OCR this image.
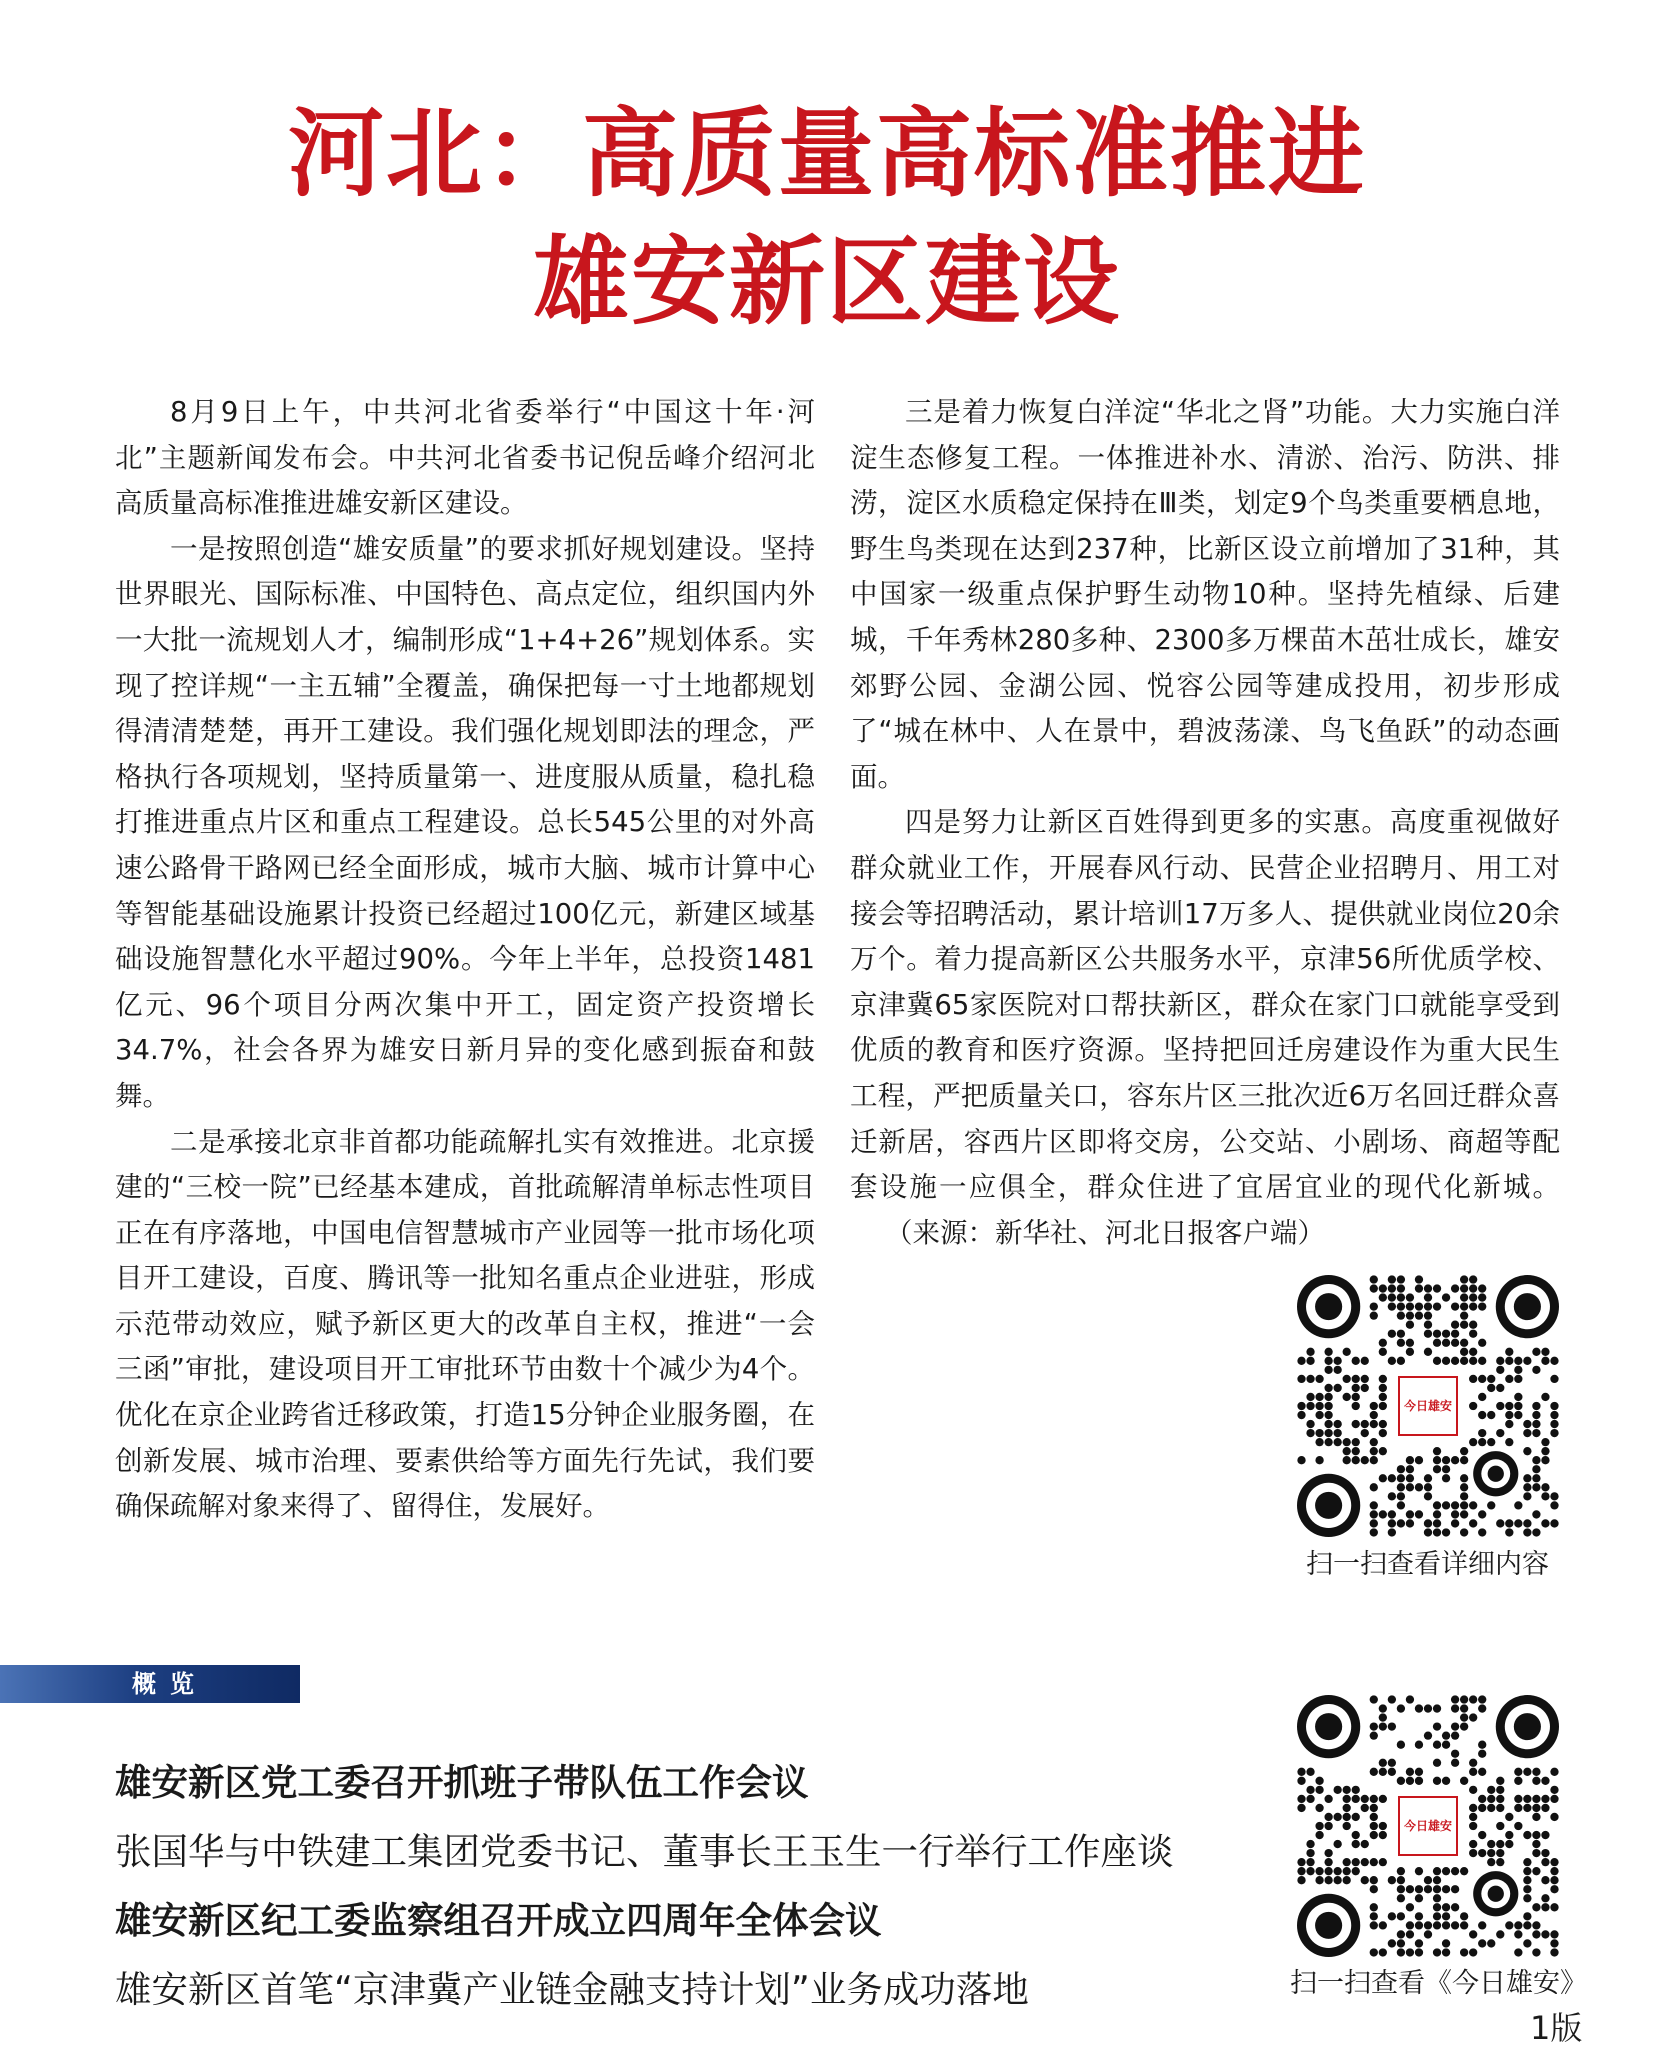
河北：高质量高标准推进
雄安新区建设

8月9日上午，中共河北省委举行“中国这十年·河北”主题新闻发布会。中共河北省委书记倪岳峰介绍河北高质量高标准推进雄安新区建设。

一是按照创造“雄安质量”的要求抓好规划建设。坚持世界眼光、国际标准、中国特色、高点定位，组织国内外一大批一流规划人才，编制形成“1+4+26”规划体系。实现了控详规“一主五辅”全覆盖，确保把每一寸土地都规划得清清楚楚，再开工建设。我们强化规划即法的理念，严格执行各项规划，坚持质量第一、进度服从质量，稳扎稳打推进重点片区和重点工程建设。总长545公里的对外高速公路骨干路网已经全面形成，城市大脑、城市计算中心等智能基础设施累计投资已经超过100亿元，新建区域基础设施智慧化水平超过90%。今年上半年，总投资1481亿元、96个项目分两次集中开工，固定资产投资增长34.7%，社会各界为雄安日新月异的变化感到振奋和鼓舞。

二是承接北京非首都功能疏解扎实有效推进。北京援建的“三校一院”已经基本建成，首批疏解清单标志性项目正在有序落地，中国电信智慧城市产业园等一批市场化项目开工建设，百度、腾讯等一批知名重点企业进驻，形成示范带动效应，赋予新区更大的改革自主权，推进“一会三函”审批，建设项目开工审批环节由数十个减少为4个。优化在京企业跨省迁移政策，打造15分钟企业服务圈，在创新发展、城市治理、要素供给等方面先行先试，我们要确保疏解对象来得了、留得住，发展好。

三是着力恢复白洋淀“华北之肾”功能。大力实施白洋淀生态修复工程。一体推进补水、清淤、治污、防洪、排涝，淀区水质稳定保持在Ⅲ类，划定9个鸟类重要栖息地，野生鸟类现在达到237种，比新区设立前增加了31种，其中国家一级重点保护野生动物10种。坚持先植绿、后建城，千年秀林280多种、2300多万棵苗木茁壮成长，雄安郊野公园、金湖公园、悦容公园等建成投用，初步形成了“城在林中、人在景中，碧波荡漾、鸟飞鱼跃”的动态画面。

四是努力让新区百姓得到更多的实惠。高度重视做好群众就业工作，开展春风行动、民营企业招聘月、用工对接会等招聘活动，累计培训17万多人、提供就业岗位20余万个。着力提高新区公共服务水平，京津56所优质学校、京津冀65家医院对口帮扶新区，群众在家门口就能享受到优质的教育和医疗资源。坚持把回迁房建设作为重大民生工程，严把质量关口，容东片区三批次近6万名回迁群众喜迁新居，容西片区即将交房，公交站、小剧场、商超等配套设施一应俱全，群众住进了宜居宜业的现代化新城。    （来源：新华社、河北日报客户端）

今日雄安
扫一扫查看详细内容
概览
雄安新区党工委召开抓班子带队伍工作会议
张国华与中铁建工集团党委书记、董事长王玉生一行举行工作座谈
雄安新区纪工委监察组召开成立四周年全体会议
雄安新区首笔“京津冀产业链金融支持计划”业务成功落地
今日雄安
扫一扫查看《今日雄安》
1版
